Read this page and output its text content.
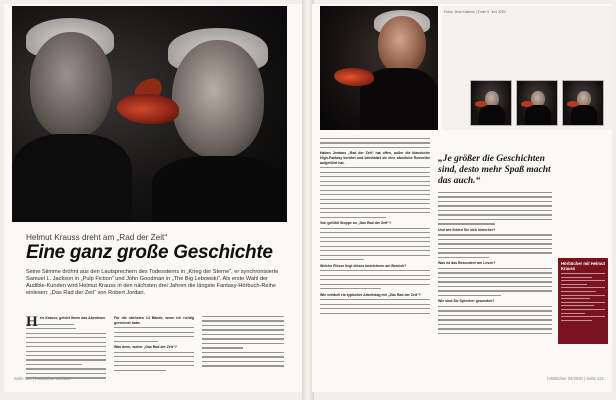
Helmut Krauss dreht am „Rad der Zeit“
Eine ganz große Geschichte
Seine Stimme dröhnt aus den Lautsprechern des Todessterns in „Krieg der Sterne“, er synchronisierte Samuel L. Jackson in „Pulp Fiction“ und John Goodman in „The Big Lebowski“. Als erste Wahl der Audible-Kunden wird Helmut Krauss in den nächsten drei Jahren die längste Fantasy-Hörbuch-Reihe einlesen: „Das Rad der Zeit“ von Robert Jordan.
H err Krauss, gehört Ihnen das Abenteuer Für die nächsten 14 Bände, wenn ich richtig gerechnet habe.

Was denn, woher „Das Rad der Zeit“?

Seite 120 | hörBücher 04/2020
Fotos: Jens Kalaene | Erwin 5. Juni 2020

Haben Jordans „Rad der Zeit“ hat offen, außer die klassische High-Fantasy berührt und beinhaltet sie eine sämtliche Romreihe aufgeführt hat.

Von gefühlt Stoppe an „Das Rad der Zeit“?

Welche Flüsse liegt dieses bezeichnen am Bereich?

Wie verläuft ein typischer Arbeitstag mit „Das Rad der Zeit“?

„Je größer die Geschichten sind, desto mehr Spaß macht das auch.“

Und wie fühlen Sie sich hinterher?

Was ist das Besondere am Lesen?

Wie sind Sie Sprecher geworden?

Hörbücher mit Helmut Krauss
hörBücher 04/2020 | Seite 121
